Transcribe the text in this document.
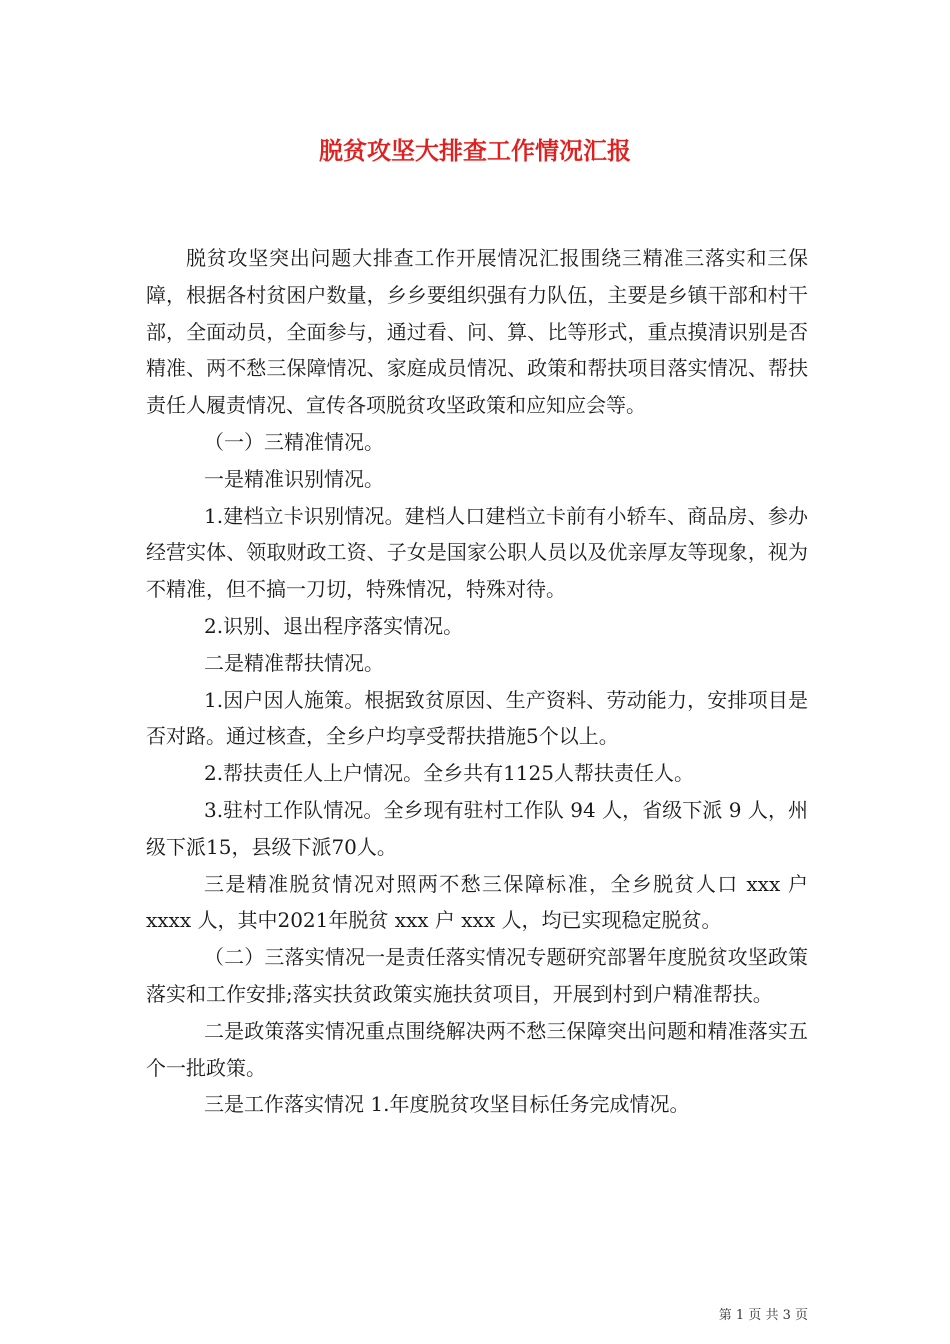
脱贫攻坚大排查工作情况汇报

脱贫攻坚突出问题大排查工作开展情况汇报围绕三精准三落实和三保障，根据各村贫困户数量，乡乡要组织强有力队伍，主要是乡镇干部和村干部，全面动员，全面参与，通过看、问、算、比等形式，重点摸清识别是否精准、两不愁三保障情况、家庭成员情况、政策和帮扶项目落实情况、帮扶责任人履责情况、宣传各项脱贫攻坚政策和应知应会等。

（一）三精准情况。

一是精准识别情况。

1.建档立卡识别情况。建档人口建档立卡前有小轿车、商品房、参办经营实体、领取财政工资、子女是国家公职人员以及优亲厚友等现象，视为不精准，但不搞一刀切，特殊情况，特殊对待。

2.识别、退出程序落实情况。

二是精准帮扶情况。

1.因户因人施策。根据致贫原因、生产资料、劳动能力，安排项目是否对路。通过核查，全乡户均享受帮扶措施5个以上。

2.帮扶责任人上户情况。全乡共有1125人帮扶责任人。

3.驻村工作队情况。全乡现有驻村工作队 94 人，省级下派 9 人，州级下派15，县级下派70人。

三是精准脱贫情况对照两不愁三保障标准，全乡脱贫人口 xxx 户 xxxx 人，其中2021年脱贫 xxx 户 xxx 人，均已实现稳定脱贫。

（二）三落实情况一是责任落实情况专题研究部署年度脱贫攻坚政策落实和工作安排;落实扶贫政策实施扶贫项目，开展到村到户精准帮扶。

二是政策落实情况重点围绕解决两不愁三保障突出问题和精准落实五个一批政策。

三是工作落实情况 1.年度脱贫攻坚目标任务完成情况。

第 1 页 共 3 页
